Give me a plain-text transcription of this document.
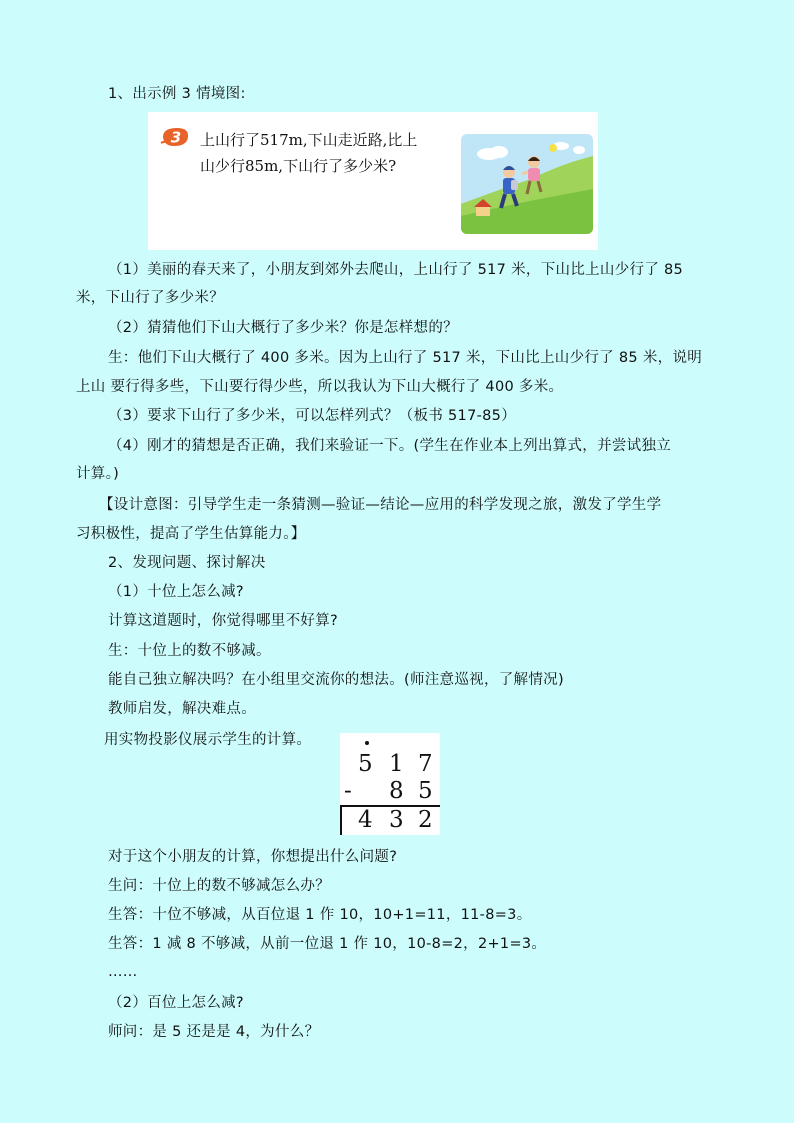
1、出示例 3 情境图:
3 上山行了517m,下山走近路,比上
山少行85m,下山行了多少米?
（1）美丽的春天来了，小朋友到郊外去爬山，上山行了 517 米，下山比上山少行了 85
米，下山行了多少米？
（2）猜猜他们下山大概行了多少米？你是怎样想的？
生：他们下山大概行了 400 多米。因为上山行了 517 米，下山比上山少行了 85 米，说明
上山 要行得多些，下山要行得少些，所以我认为下山大概行了 400 多米。
（3）要求下山行了多少米，可以怎样列式？（板书 517-85）
（4）刚才的猜想是否正确，我们来验证一下。(学生在作业本上列出算式，并尝试独立
计算。)
【设计意图：引导学生走一条猜测—验证—结论—应用的科学发现之旅，激发了学生学
习积极性，提高了学生估算能力。】
2、发现问题、探讨解决
（1）十位上怎么减?
计算这道题时，你觉得哪里不好算?
生：十位上的数不够减。
能自己独立解决吗？在小组里交流你的想法。(师注意巡视，了解情况)
教师启发，解决难点。
用实物投影仪展示学生的计算。
5 1 7
- 8 5
4 3 2
对于这个小朋友的计算，你想提出什么问题?
生问：十位上的数不够减怎么办？
生答：十位不够减，从百位退 1 作 10，10+1=11，11-8=3。
生答：1 减 8 不够减，从前一位退 1 作 10，10-8=2，2+1=3。
……
（2）百位上怎么减?
师问：是 5 还是是 4，为什么？
